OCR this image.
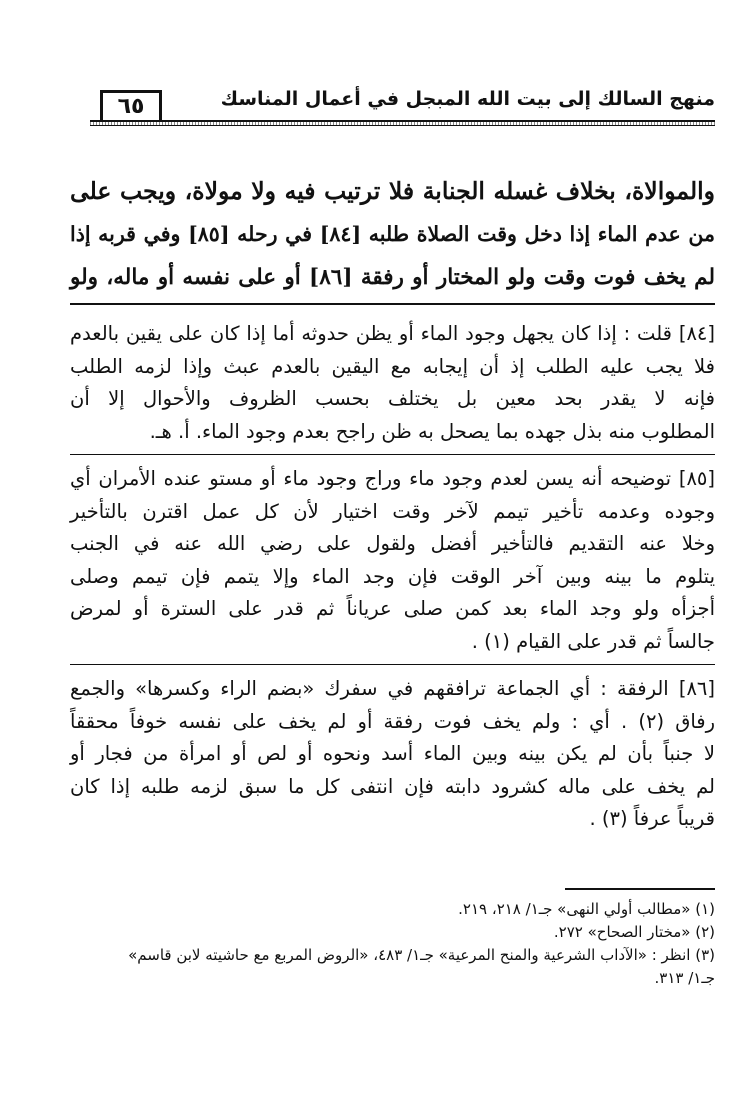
٦٥	منهج السالك إلى بيت الله المبجل في أعمال المناسك
والموالاة، بخلاف غسله الجنابة فلا ترتيب فيه ولا مولاة، ويجب على
من عدم الماء إذا دخل وقت الصلاة طلبه [٨٤] في رحله [٨٥] وفي قربه إذا
لم يخف فوت وقت ولو المختار أو رفقة [٨٦] أو على نفسه أو ماله، ولو
[٨٤] قلت : إذا كان يجهل وجود الماء أو يظن حدوثه أما إذا كان على يقين بالعدم
فلا يجب عليه الطلب إذ أن إيجابه مع اليقين بالعدم عبث وإذا لزمه الطلب
فإنه لا يقدر بحد معين بل يختلف بحسب الظروف والأحوال إلا أن
المطلوب منه بذل جهده بما يصحل به ظن راجح بعدم وجود الماء. أ. هـ.
[٨٥] توضيحه أنه يسن لعدم وجود ماء وراج وجود ماء أو مستو عنده الأمران أي
وجوده وعدمه تأخير تيمم لآخر وقت اختيار لأن كل عمل اقترن بالتأخير
وخلا عنه التقديم فالتأخير أفضل ولقول على رضي الله عنه في الجنب
يتلوم ما بينه وبين آخر الوقت فإن وجد الماء وإلا يتمم فإن تيمم وصلى
أجزأه ولو وجد الماء بعد كمن صلى عرياناً ثم قدر على السترة أو لمرض
جالساً ثم قدر على القيام (١) .
[٨٦] الرفقة : أي الجماعة ترافقهم في سفرك «بضم الراء وكسرها» والجمع
رفاق (٢) . أي : ولم يخف فوت رفقة أو لم يخف على نفسه خوفاً محققاً
لا جنباً بأن لم يكن بينه وبين الماء أسد ونحوه أو لص أو امرأة من فجار أو
لم يخف على ماله كشرود دابته فإن انتفى كل ما سبق لزمه طلبه إذا كان
قريباً عرفاً (٣) .
(١) «مطالب أولي النهى» جـ١/ ٢١٨، ٢١٩.
(٢) «مختار الصحاح» ٢٧٢.
(٣) انظر : «الآداب الشرعية والمنح المرعية» جـ١/ ٤٨٣، «الروض المربع مع حاشيته لابن قاسم»
جـ١/ ٣١٣.
